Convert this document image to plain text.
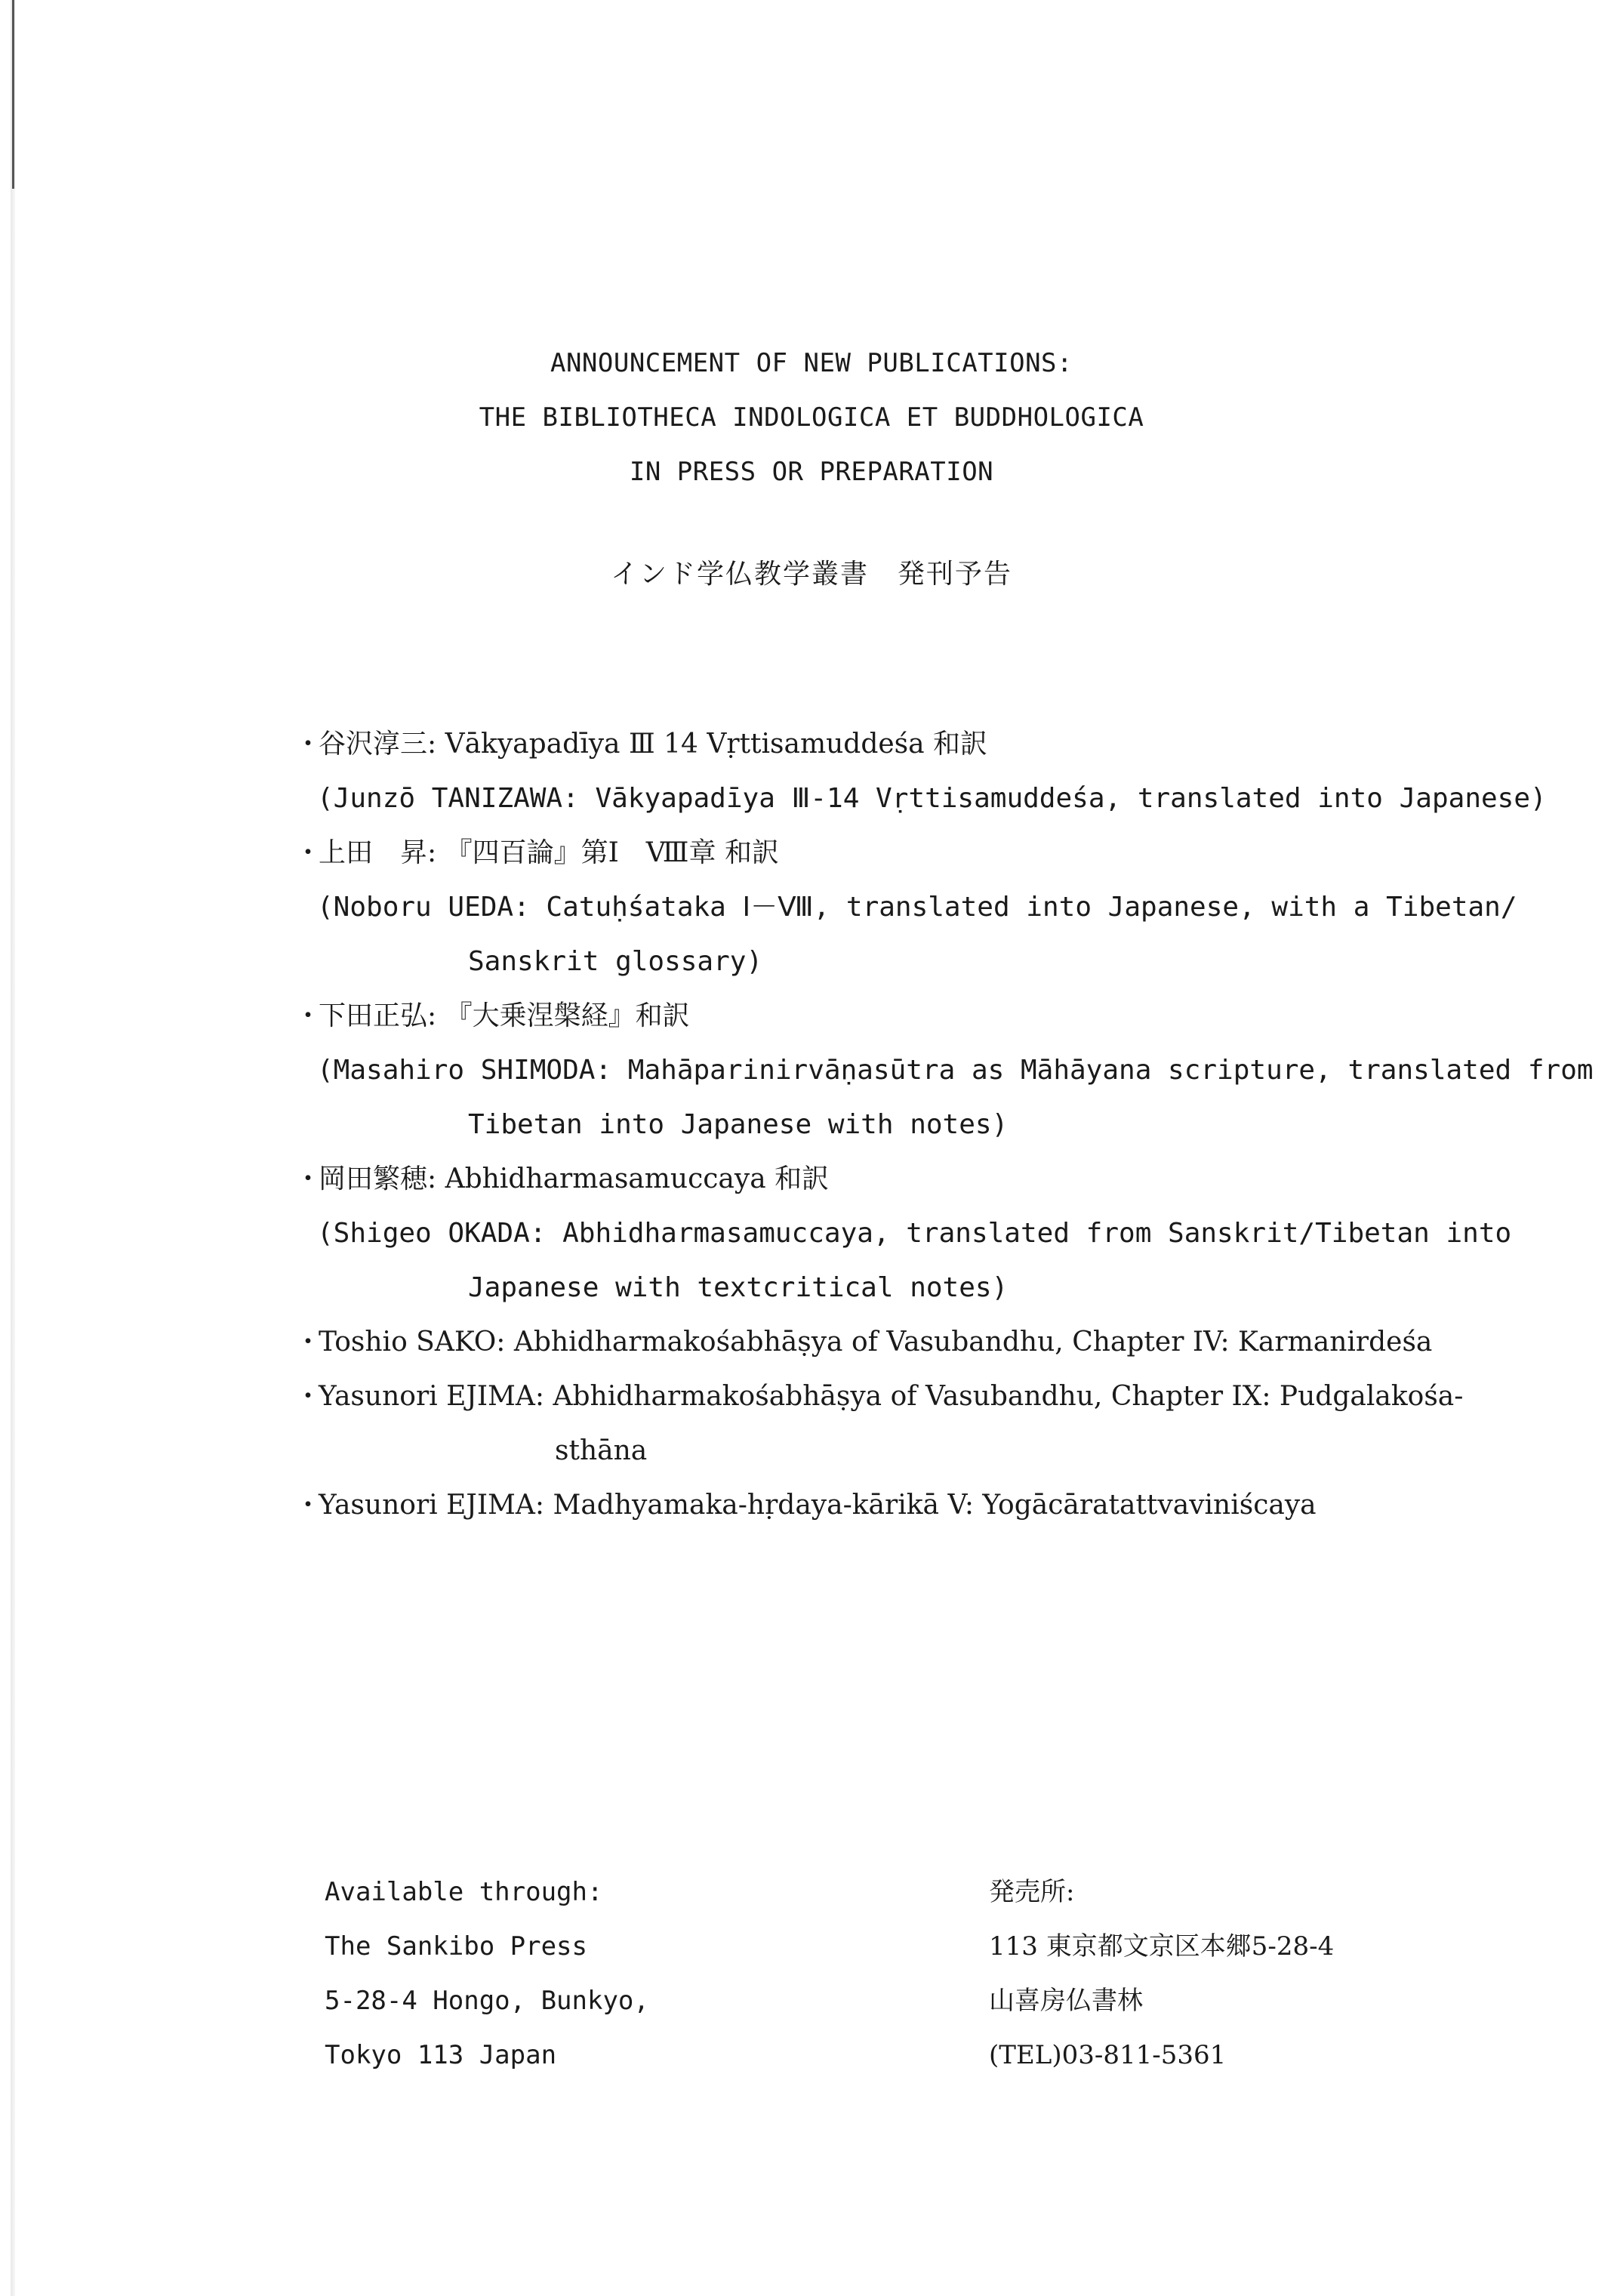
ANNOUNCEMENT OF NEW PUBLICATIONS:
THE BIBLIOTHECA INDOLOGICA ET BUDDHOLOGICA
IN PRESS OR PREPARATION
インド学仏教学叢書　発刊予告
・
谷沢淳三: Vākyapadīya Ⅲ 14 Vṛttisamuddeśa 和訳
(Junzō TANIZAWA: Vākyapadīya Ⅲ-14 Vṛttisamuddeśa, translated into Japanese)
・
上田　昇: 『四百論』第Ⅰ　Ⅷ章 和訳
(Noboru UEDA: Catuḥśataka Ⅰ－Ⅷ, translated into Japanese, with a Tibetan/
Sanskrit glossary)
・
下田正弘: 『大乗涅槃経』和訳
(Masahiro SHIMODA: Mahāparinirvāṇasūtra as Māhāyana scripture, translated from
Tibetan into Japanese with notes)
・
岡田繁穂: Abhidharmasamuccaya 和訳
(Shigeo OKADA: Abhidharmasamuccaya, translated from Sanskrit/Tibetan into
Japanese with textcritical notes)
・
Toshio SAKO: Abhidharmakośabhāṣya of Vasubandhu, Chapter IV: Karmanirdeśa
・
Yasunori EJIMA: Abhidharmakośabhāṣya of Vasubandhu, Chapter IX: Pudgalakośa-
sthāna
・
Yasunori EJIMA: Madhyamaka-hṛdaya-kārikā V: Yogācāratattvaviniścaya
Available through:
The Sankibo Press
5-28-4 Hongo, Bunkyo,
Tokyo 113 Japan
発売所:
113 東京都文京区本郷5-28-4
山喜房仏書林
(TEL)03-811-5361
